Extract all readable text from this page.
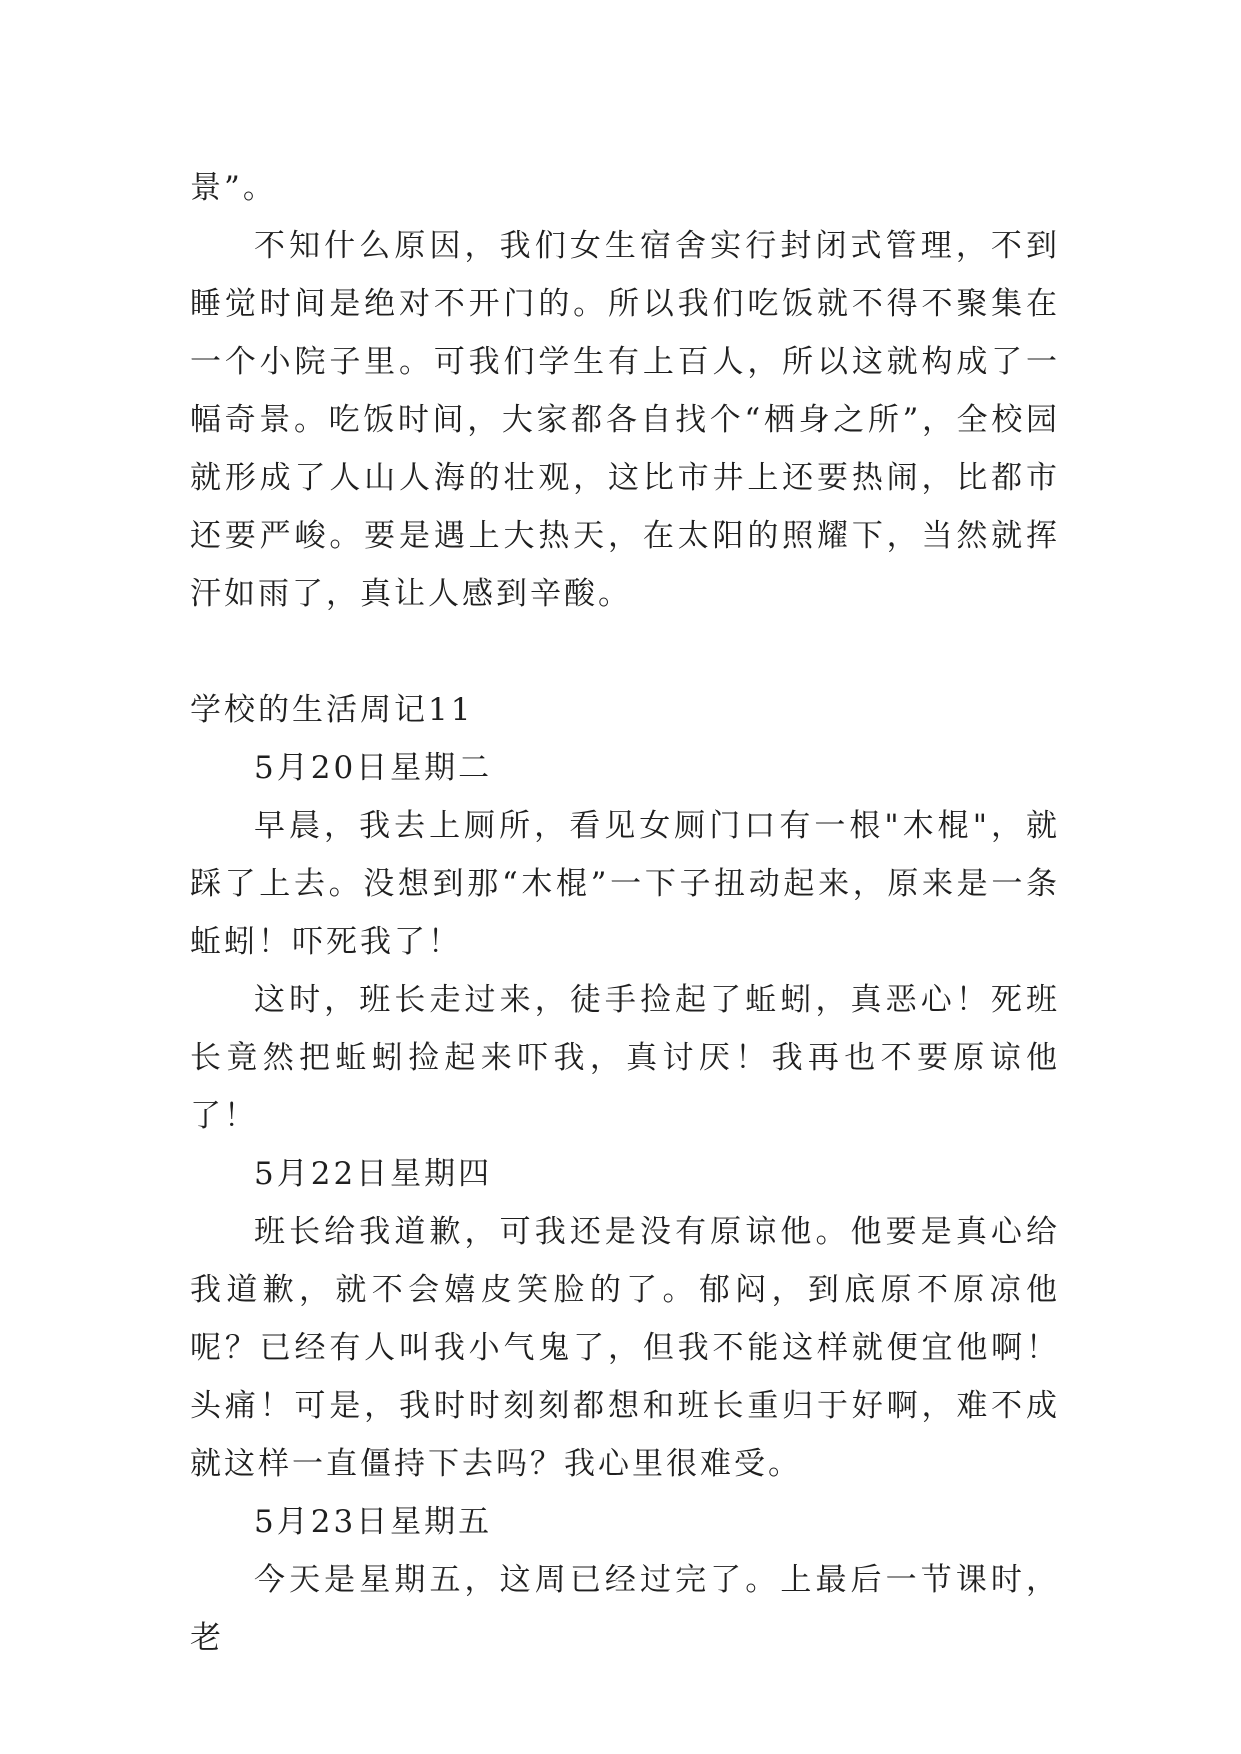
景”。

不知什么原因，我们女生宿舍实行封闭式管理，不到睡觉时间是绝对不开门的。所以我们吃饭就不得不聚集在一个小院子里。可我们学生有上百人，所以这就构成了一幅奇景。吃饭时间，大家都各自找个“栖身之所”，全校园就形成了人山人海的壮观，这比市井上还要热闹，比都市还要严峻。要是遇上大热天，在太阳的照耀下，当然就挥汗如雨了，真让人感到辛酸。

学校的生活周记11

5月20日星期二

早晨，我去上厕所，看见女厕门口有一根"木棍"，就踩了上去。没想到那“木棍”一下子扭动起来，原来是一条蚯蚓！吓死我了！

这时，班长走过来，徒手捡起了蚯蚓，真恶心！死班长竟然把蚯蚓捡起来吓我，真讨厌！我再也不要原谅他了！

5月22日星期四

班长给我道歉，可我还是没有原谅他。他要是真心给我道歉，就不会嬉皮笑脸的了。郁闷，到底原不原凉他呢？已经有人叫我小气鬼了，但我不能这样就便宜他啊！头痛！可是，我时时刻刻都想和班长重归于好啊，难不成就这样一直僵持下去吗？我心里很难受。

5月23日星期五

今天是星期五，这周已经过完了。上最后一节课时，老
